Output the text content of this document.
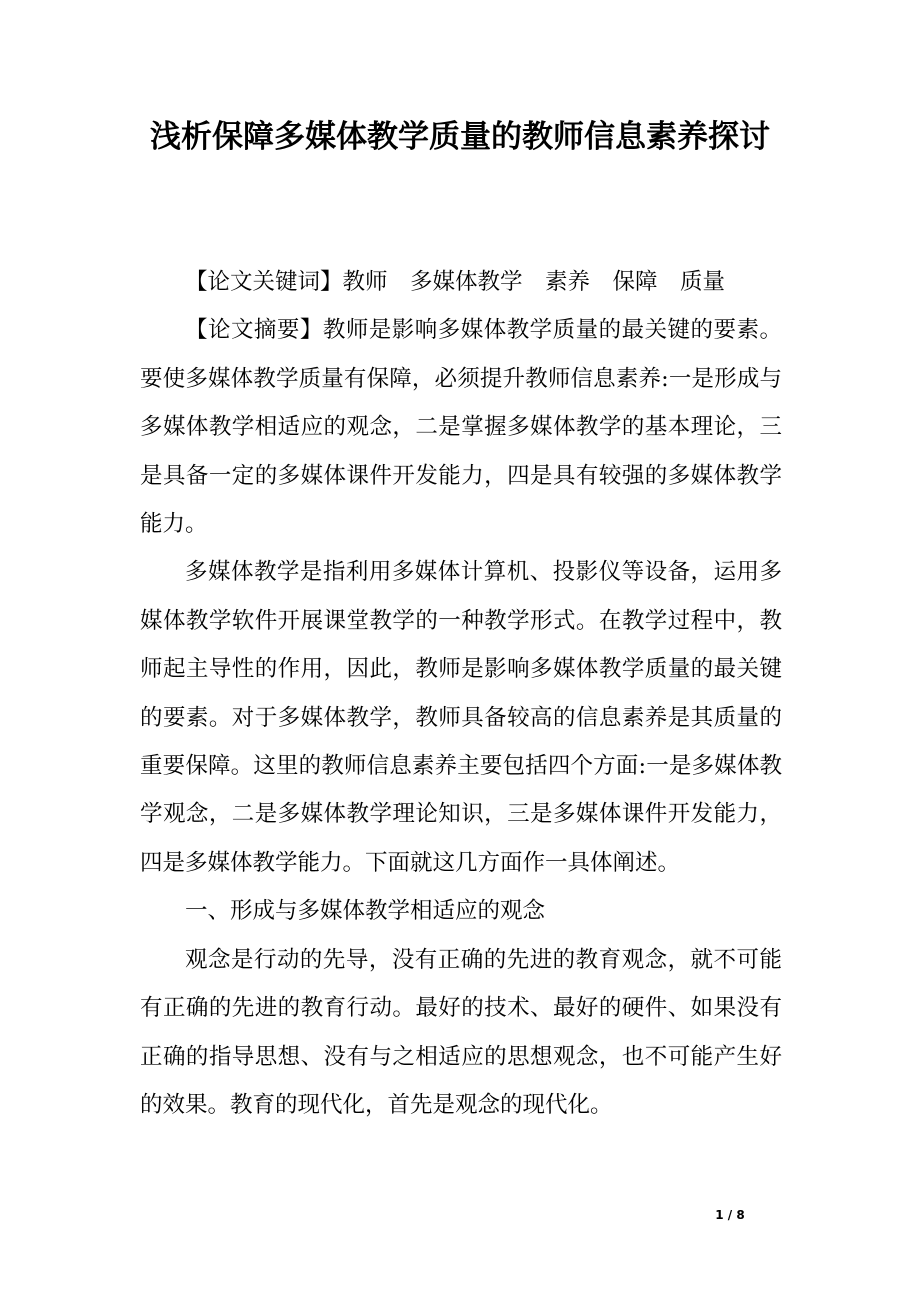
浅析保障多媒体教学质量的教师信息素养探讨

【论文关键词】教师　多媒体教学　素养　保障　质量

【论文摘要】教师是影响多媒体教学质量的最关键的要素。要使多媒体教学质量有保障，必须提升教师信息素养:一是形成与多媒体教学相适应的观念，二是掌握多媒体教学的基本理论，三是具备一定的多媒体课件开发能力，四是具有较强的多媒体教学能力。

多媒体教学是指利用多媒体计算机、投影仪等设备，运用多媒体教学软件开展课堂教学的一种教学形式。在教学过程中，教师起主导性的作用，因此，教师是影响多媒体教学质量的最关键的要素。对于多媒体教学，教师具备较高的信息素养是其质量的重要保障。这里的教师信息素养主要包括四个方面:一是多媒体教学观念，二是多媒体教学理论知识，三是多媒体课件开发能力，四是多媒体教学能力。下面就这几方面作一具体阐述。

一、形成与多媒体教学相适应的观念

观念是行动的先导，没有正确的先进的教育观念，就不可能有正确的先进的教育行动。最好的技术、最好的硬件、如果没有正确的指导思想、没有与之相适应的思想观念，也不可能产生好的效果。教育的现代化，首先是观念的现代化。

1 / 8
